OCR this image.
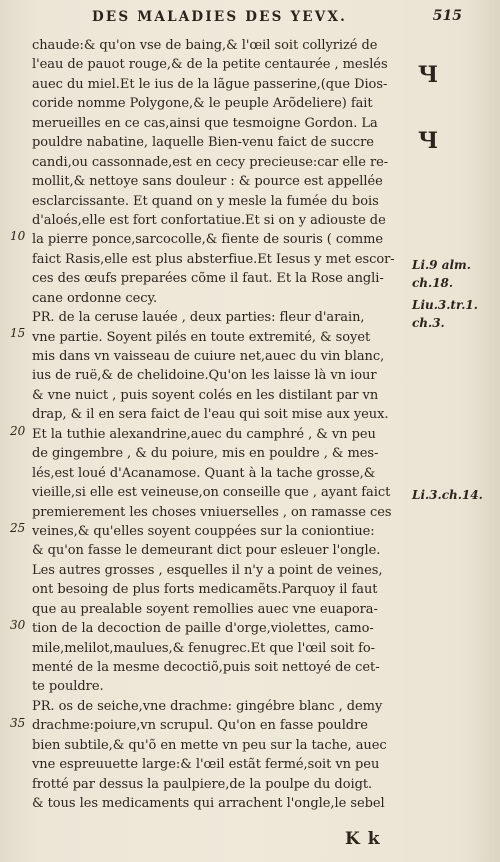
DES MALADIES DES YEVX.	515
10
15
20
25
30
35
chaude:& qu'on vse de baing,& l'œil soit collyrizé de
l'eau de pauot rouge,& de la petite centaurée , meslés
auec du miel.Et le ius de la lãgue passerine,(que Dios-
coride nomme Polygone,& le peuple Arõdeliere) fait
merueilles en ce cas,ainsi que tesmoigne Gordon. La
pouldre nabatine, laquelle Bien-venu faict de succre
candi,ou cassonnade,est en cecy precieuse:car elle re-
mollit,& nettoye sans douleur : & pource est appellée
esclarcissante. Et quand on y mesle la fumée du bois
d'aloés,elle est fort confortatiue.Et si on y adiouste de
la pierre ponce,sarcocolle,& fiente de souris ( comme
faict Rasis,elle est plus absterfiue.Et Iesus y met escor-
ces des œufs preparées cõme il faut. Et la Rose angli-
cane ordonne cecy.
PR. de la ceruse lauée , deux parties: fleur d'arain,
vne partie. Soyent pilés en toute extremité, & soyet
mis dans vn vaisseau de cuiure net,auec du vin blanc,
ius de ruë,& de chelidoine.Qu'on les laisse là vn iour
& vne nuict , puis soyent colés en les distilant par vn
drap, & il en sera faict de l'eau qui soit mise aux yeux.
Et la tuthie alexandrine,auec du camphré , & vn peu
de gingembre , & du poiure, mis en pouldre , & mes-
lés,est loué d'Acanamose. Quant à la tache grosse,&
vieille,si elle est veineuse,on conseille que , ayant faict
premierement les choses vniuerselles , on ramasse ces
veines,& qu'elles soyent couppées sur la coniontiue:
& qu'on fasse le demeurant dict pour esleuer l'ongle.
Les autres grosses , esquelles il n'y a point de veines,
ont besoing de plus forts medicamẽts.Parquoy il faut
que au prealable soyent remollies auec vne euapora-
tion de la decoction de paille d'orge,violettes, camo-
mile,melilot,maulues,& fenugrec.Et que l'œil soit fo-
menté de la mesme decoctiõ,puis soit nettoyé de cet-
te pouldre.
PR. os de seiche,vne drachme: gingébre blanc , demy
drachme:poiure,vn scrupul. Qu'on en fasse pouldre
bien subtile,& qu'õ en mette vn peu sur la tache, auec
vne espreuuette large:& l'œil estãt fermé,soit vn peu
frotté par dessus la paulpiere,de la poulpe du doigt.
& tous les medicaments qui arrachent l'ongle,le sebel
Ч
Ч
Li.9 alm.
ch.18.
Liu.3.tr.1.
ch.3.
Li.3.ch.14.
K k
